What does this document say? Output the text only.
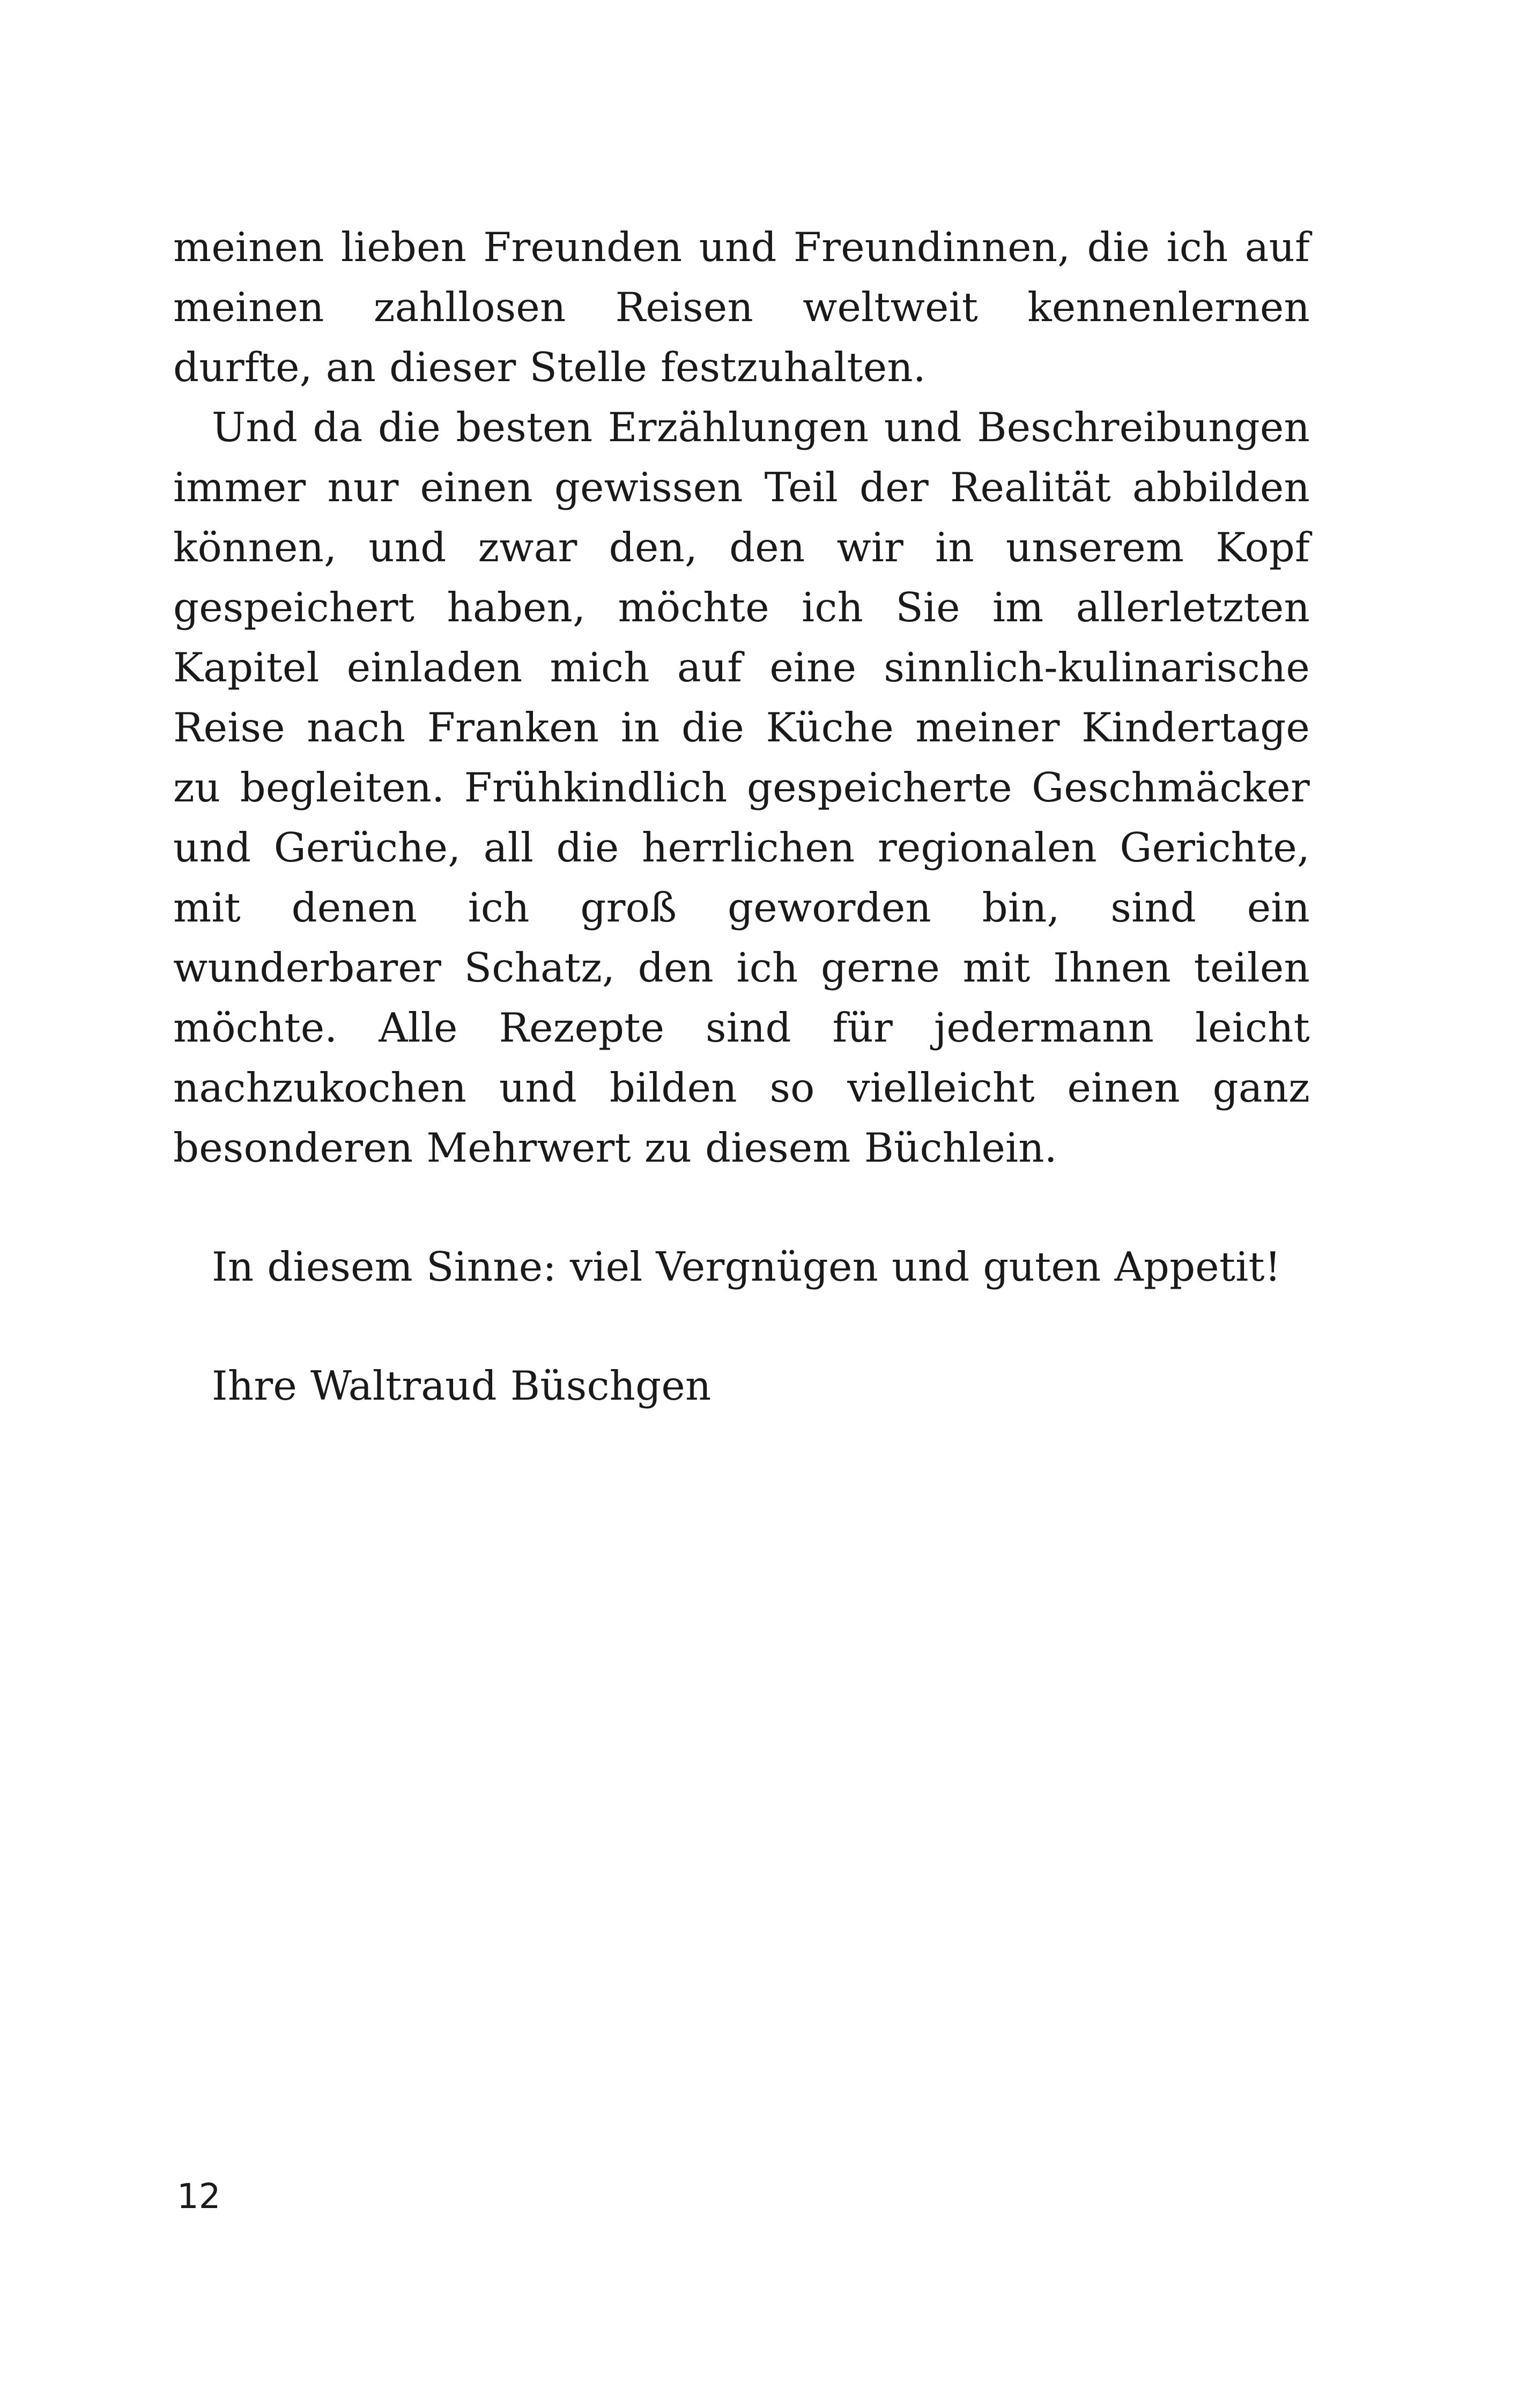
meinen lieben Freunden und Freundinnen, die ich auf meinen zahllosen Reisen weltweit kennenlernen durfte, an dieser Stelle festzuhalten.

Und da die besten Erzählungen und Beschreibungen immer nur einen gewissen Teil der Realität abbilden können, und zwar den, den wir in unserem Kopf gespeichert haben, möchte ich Sie im allerletzten Kapitel einladen mich auf eine sinnlich-kulinarische Reise nach Franken in die Küche meiner Kindertage zu begleiten. Frühkindlich gespeicherte Geschmäcker und Gerüche, all die herrlichen regionalen Gerichte, mit denen ich groß geworden bin, sind ein wunderbarer Schatz, den ich gerne mit Ihnen teilen möchte. Alle Rezepte sind für jedermann leicht nachzukochen und bilden so vielleicht einen ganz besonderen Mehrwert zu diesem Büchlein.

In diesem Sinne: viel Vergnügen und guten Appetit!

Ihre Waltraud Büschgen

12
